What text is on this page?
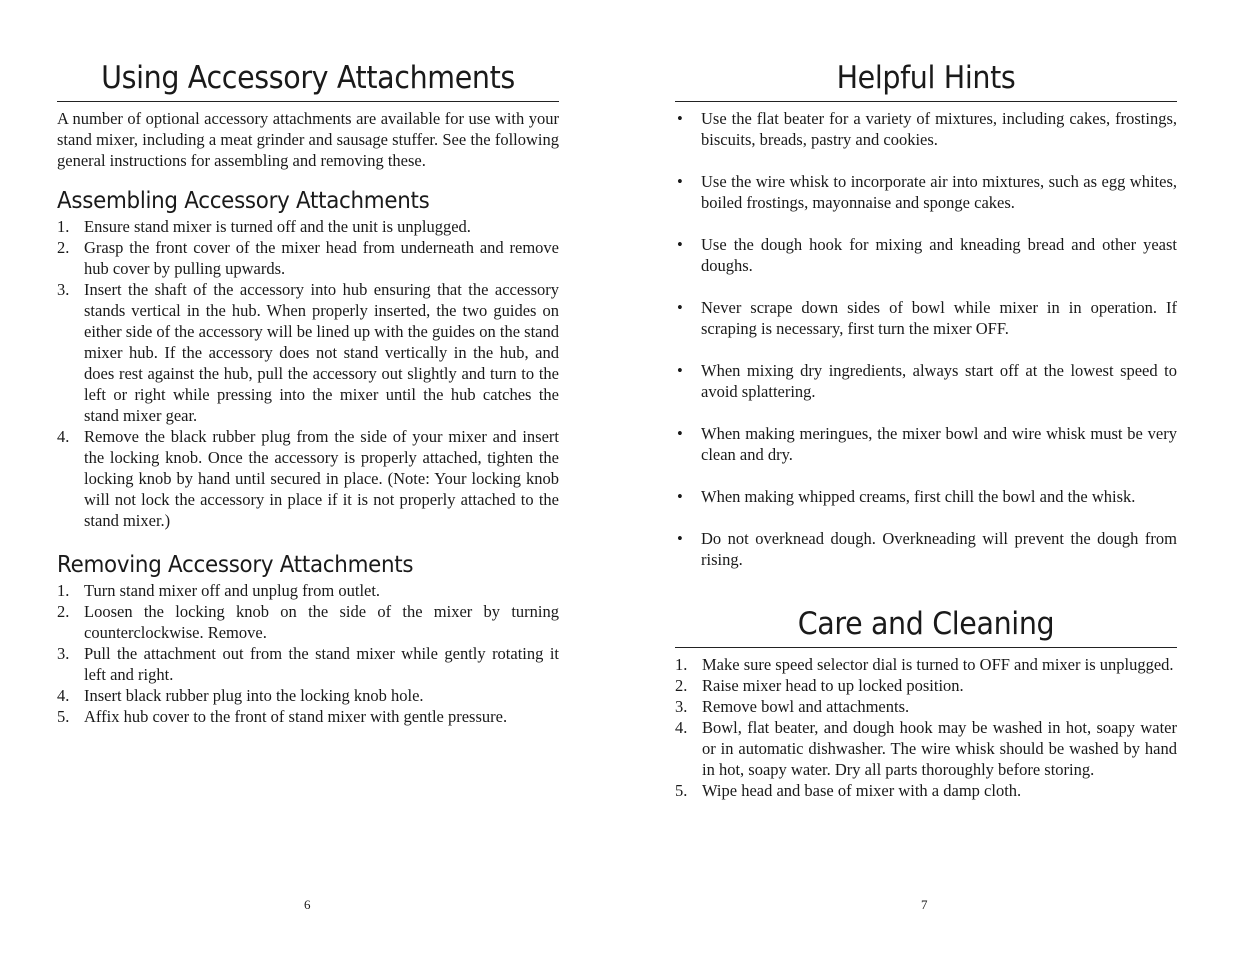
Using Accessory Attachments

A number of optional accessory attachments are available for use with your stand mixer, including a meat grinder and sausage stuffer. See the following general instructions for assembling and removing these.

Assembling Accessory Attachments
1. Ensure stand mixer is turned off and the unit is unplugged.
2. Grasp the front cover of the mixer head from underneath and remove hub cover by pulling upwards.
3. Insert the shaft of the accessory into hub ensuring that the accessory stands vertical in the hub. When properly inserted, the two guides on either side of the accessory will be lined up with the guides on the stand mixer hub. If the accessory does not stand vertically in the hub, and does rest against the hub, pull the accessory out slightly and turn to the left or right while pressing into the mixer until the hub catches the stand mixer gear.
4. Remove the black rubber plug from the side of your mixer and insert the locking knob. Once the accessory is properly attached, tighten the locking knob by hand until secured in place. (Note: Your locking knob will not lock the accessory in place if it is not properly attached to the stand mixer.)
Removing Accessory Attachments
1. Turn stand mixer off and unplug from outlet.
2. Loosen the locking knob on the side of the mixer by turning counterclockwise. Remove.
3. Pull the attachment out from the stand mixer while gently rotating it left and right.
4. Insert black rubber plug into the locking knob hole.
5. Affix hub cover to the front of stand mixer with gentle pressure.
6
Helpful Hints
• Use the flat beater for a variety of mixtures, including cakes, frostings, biscuits, breads, pastry and cookies.
• Use the wire whisk to incorporate air into mixtures, such as egg whites, boiled frostings, mayonnaise and sponge cakes.
• Use the dough hook for mixing and kneading bread and other yeast doughs.
• Never scrape down sides of bowl while mixer in in operation. If scraping is necessary, first turn the mixer OFF.
• When mixing dry ingredients, always start off at the lowest speed to avoid splattering.
• When making meringues, the mixer bowl and wire whisk must be very clean and dry.
• When making whipped creams, first chill the bowl and the whisk.
• Do not overknead dough. Overkneading will prevent the dough from rising.
Care and Cleaning
1. Make sure speed selector dial is turned to OFF and mixer is unplugged.
2. Raise mixer head to up locked position.
3. Remove bowl and attachments.
4. Bowl, flat beater, and dough hook may be washed in hot, soapy water or in automatic dishwasher. The wire whisk should be washed by hand in hot, soapy water. Dry all parts thoroughly before storing.
5. Wipe head and base of mixer with a damp cloth.
7
